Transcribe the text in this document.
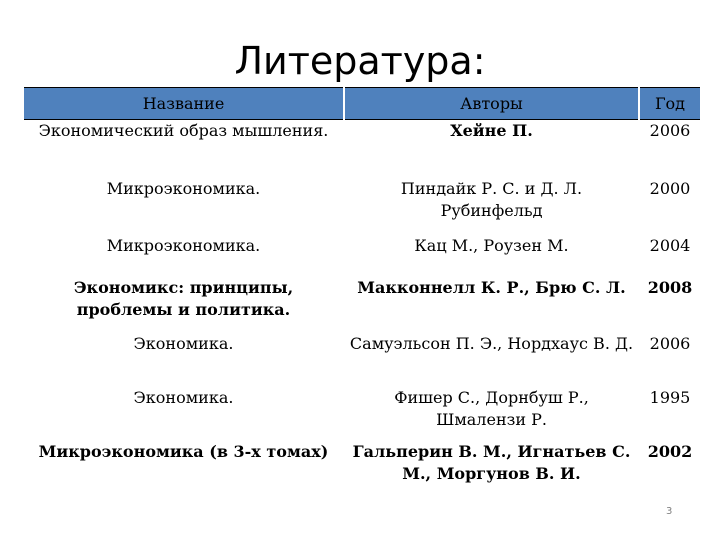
Литература:
Название	Авторы	Год
Экономический образ мышления.	Хейне П.	2006
Микроэкономика.	Пиндайк Р. С. и Д. Л. Рубинфельд	2000
Микроэкономика.	Кац М., Роузен М.	2004
Экономикс: принципы, проблемы и политика.	Макконнелл К. Р., Брю С. Л.	2008
Экономика.	Самуэльсон П. Э., Нордхаус В. Д.	2006
Экономика.	Фишер С., Дорнбуш Р., Шмалензи Р.	1995
Микроэкономика (в 3-х томах)	Гальперин В. М., Игнатьев С. М., Моргунов В. И.	2002
3
